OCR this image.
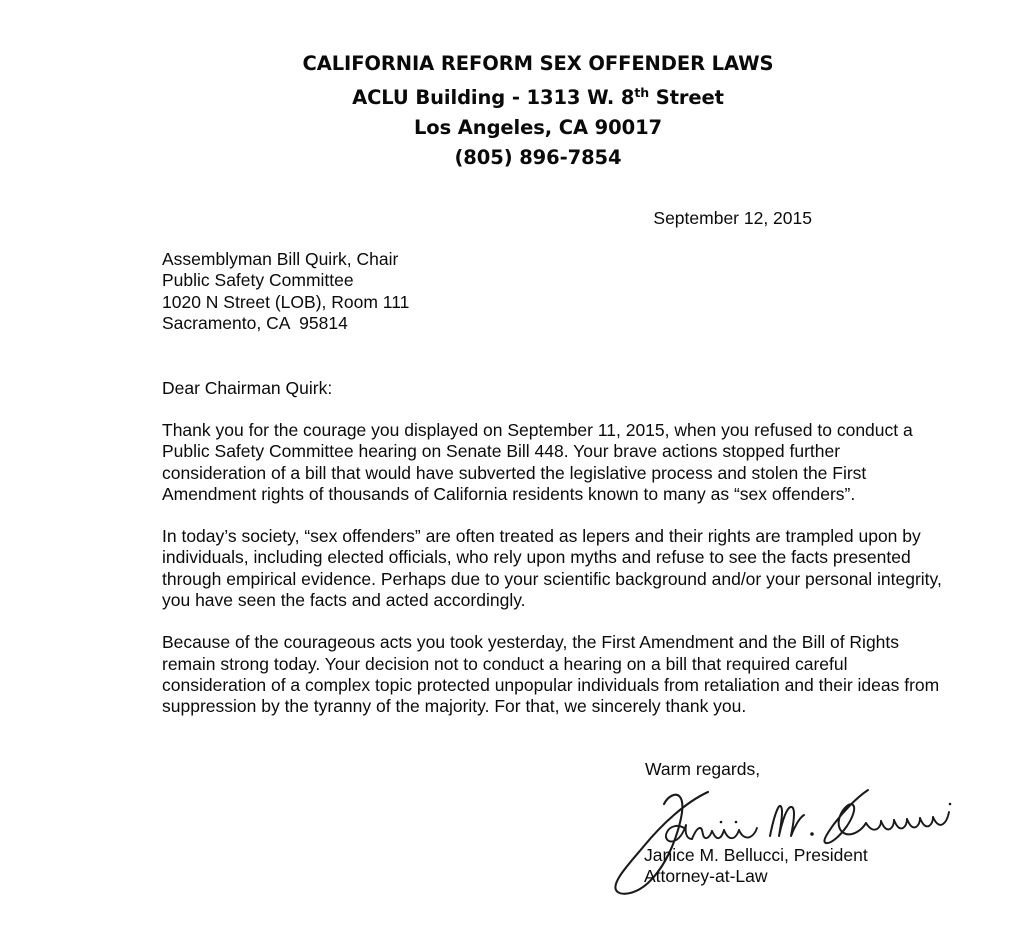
CALIFORNIA REFORM SEX OFFENDER LAWS
ACLU Building - 1313 W. 8th Street
Los Angeles, CA 90017
(805) 896-7854
September 12, 2015
Assemblyman Bill Quirk, Chair
Public Safety Committee
1020 N Street (LOB), Room 111
Sacramento, CA  95814
Dear Chairman Quirk:

Thank you for the courage you displayed on September 11, 2015, when you refused to conduct a Public Safety Committee hearing on Senate Bill 448. Your brave actions stopped further consideration of a bill that would have subverted the legislative process and stolen the First Amendment rights of thousands of California residents known to many as “sex offenders”.

In today’s society, “sex offenders” are often treated as lepers and their rights are trampled upon by individuals, including elected officials, who rely upon myths and refuse to see the facts presented through empirical evidence. Perhaps due to your scientific background and/or your personal integrity, you have seen the facts and acted accordingly.

Because of the courageous acts you took yesterday, the First Amendment and the Bill of Rights remain strong today. Your decision not to conduct a hearing on a bill that required careful consideration of a complex topic protected unpopular individuals from retaliation and their ideas from suppression by the tyranny of the majority. For that, we sincerely thank you.

Warm regards,
Janice M. Bellucci, President
Attorney-at-Law
